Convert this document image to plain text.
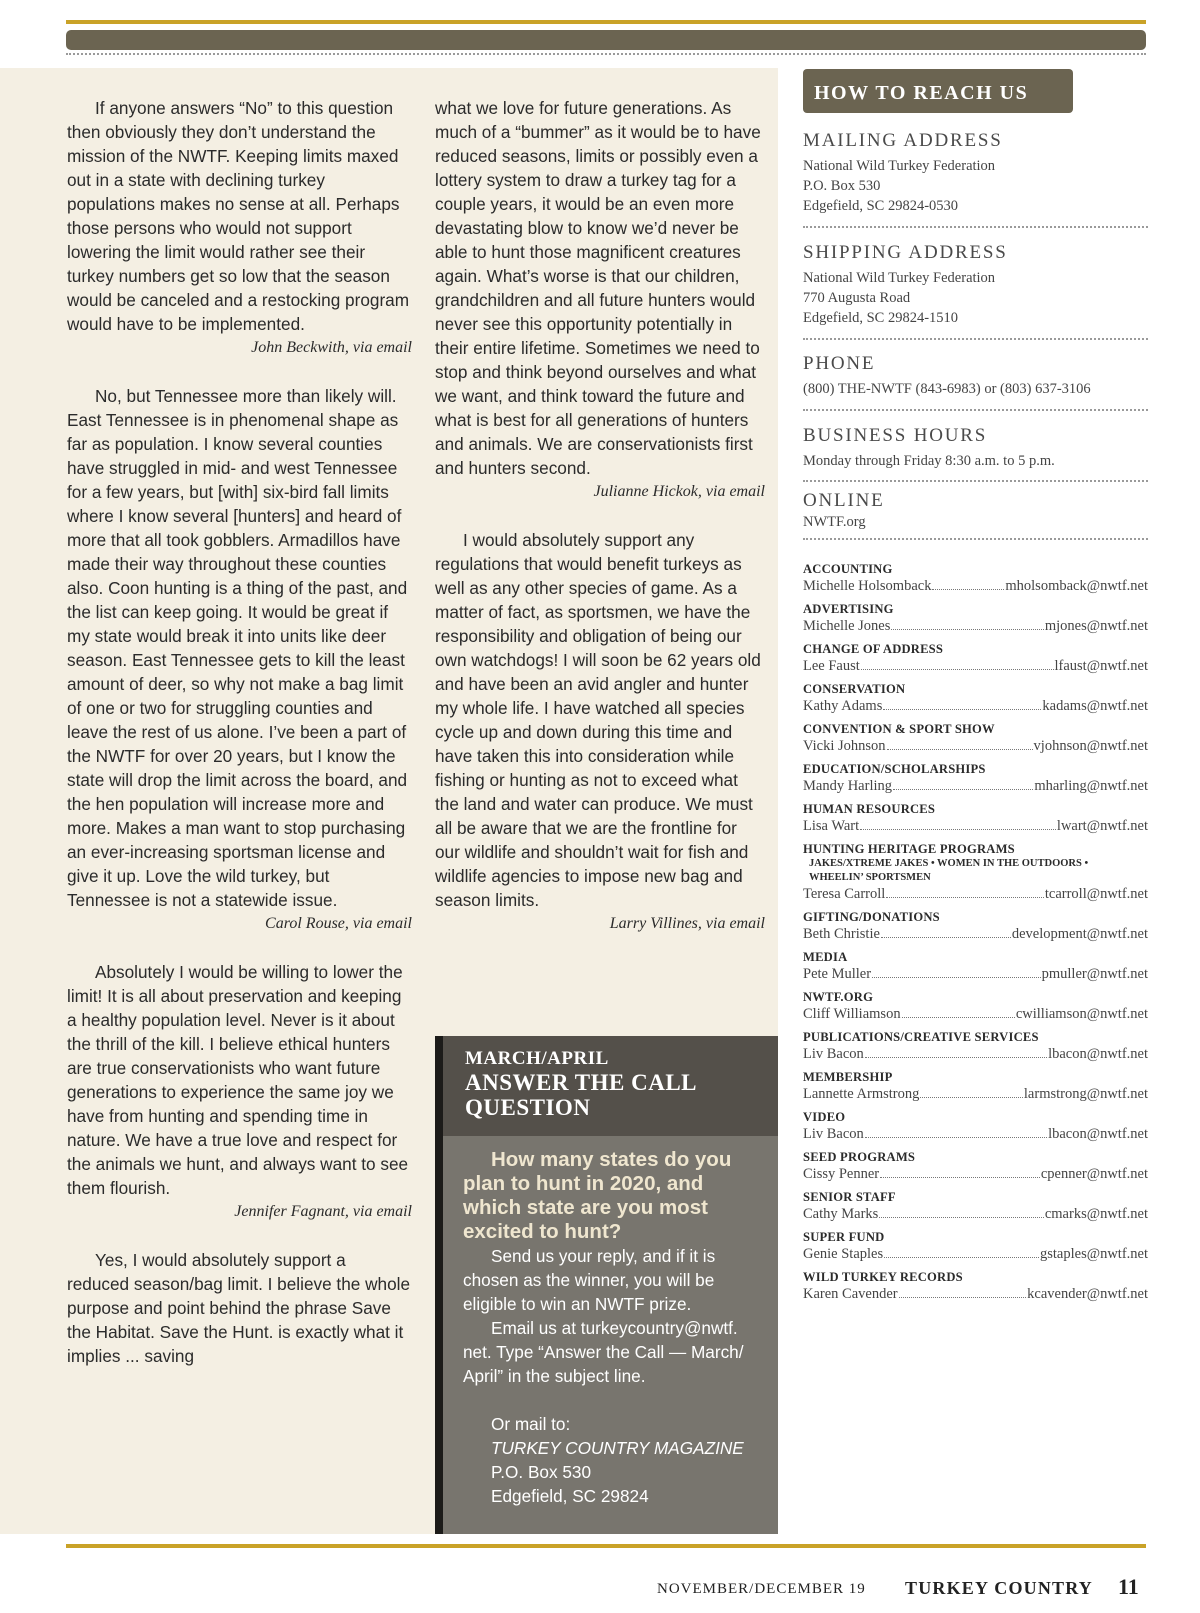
If anyone answers “No” to this question then obviously they don’t understand the mission of the NWTF. Keeping limits maxed out in a state with declining turkey populations makes no sense at all. Perhaps those persons who would not support lowering the limit would rather see their turkey numbers get so low that the season would be canceled and a restocking program would have to be implemented.

John Beckwith, via email

No, but Tennessee more than likely will. East Tennessee is in phenomenal shape as far as population. I know several counties have struggled in mid- and west Tennessee for a few years, but [with] six-bird fall limits where I know several [hunters] and heard of more that all took gobblers. Armadillos have made their way throughout these counties also. Coon hunting is a thing of the past, and the list can keep going. It would be great if my state would break it into units like deer season. East Tennessee gets to kill the least amount of deer, so why not make a bag limit of one or two for struggling counties and leave the rest of us alone. I’ve been a part of the NWTF for over 20 years, but I know the state will drop the limit across the board, and the hen population will increase more and more. Makes a man want to stop purchasing an ever-increasing sportsman license and give it up. Love the wild turkey, but Tennessee is not a statewide issue.

Carol Rouse, via email

Absolutely I would be willing to lower the limit! It is all about preservation and keeping a healthy population level. Never is it about the thrill of the kill. I believe ethical hunters are true conservationists who want future generations to experience the same joy we have from hunting and spending time in nature. We have a true love and respect for the animals we hunt, and always want to see them flourish.

Jennifer Fagnant, via email

Yes, I would absolutely support a reduced season/bag limit. I believe the whole purpose and point behind the phrase Save the Habitat. Save the Hunt. is exactly what it implies ... saving

what we love for future generations. As much of a “bummer” as it would be to have reduced seasons, limits or possibly even a lottery system to draw a turkey tag for a couple years, it would be an even more devastating blow to know we’d never be able to hunt those magnificent creatures again. What’s worse is that our children, grandchildren and all future hunters would never see this opportunity potentially in their entire lifetime. Sometimes we need to stop and think beyond ourselves and what we want, and think toward the future and what is best for all generations of hunters and animals. We are conservationists first and hunters second.

Julianne Hickok, via email

I would absolutely support any regulations that would benefit turkeys as well as any other species of game. As a matter of fact, as sportsmen, we have the responsibility and obligation of being our own watchdogs! I will soon be 62 years old and have been an avid angler and hunter my whole life. I have watched all species cycle up and down during this time and have taken this into consideration while fishing or hunting as not to exceed what the land and water can produce. We must all be aware that we are the frontline for our wildlife and shouldn’t wait for fish and wildlife agencies to impose new bag and season limits.

Larry Villines, via email
MARCH/APRIL
ANSWER THE CALL
QUESTION

How many states do you plan to hunt in 2020, and which state are you most excited to hunt?

Send us your reply, and if it is chosen as the winner, you will be eligible to win an NWTF prize.

Email us at turkeycountry@nwtf. net. Type “Answer the Call — March/ April” in the subject line.

Or mail to:
TURKEY COUNTRY MAGAZINE
P.O. Box 530
Edgefield, SC 29824
HOW TO REACH US
MAILING ADDRESS
National Wild Turkey Federation
P.O. Box 530
Edgefield, SC 29824-0530
SHIPPING ADDRESS
National Wild Turkey Federation
770 Augusta Road
Edgefield, SC 29824-1510
PHONE
(800) THE-NWTF (843-6983) or (803) 637-3106
BUSINESS HOURS
Monday through Friday 8:30 a.m. to 5 p.m.
ONLINE
NWTF.org
ACCOUNTING
Michelle Holsomback	mholsomback@nwtf.net
ADVERTISING
Michelle Jones	mjones@nwtf.net
CHANGE OF ADDRESS
Lee Faust	lfaust@nwtf.net
CONSERVATION
Kathy Adams	kadams@nwtf.net
CONVENTION & SPORT SHOW
Vicki Johnson	vjohnson@nwtf.net
EDUCATION/SCHOLARSHIPS
Mandy Harling	mharling@nwtf.net
HUMAN RESOURCES
Lisa Wart	lwart@nwtf.net
HUNTING HERITAGE PROGRAMS
JAKES/XTREME JAKES • WOMEN IN THE OUTDOORS •
WHEELIN’ SPORTSMEN
Teresa Carroll	tcarroll@nwtf.net
GIFTING/DONATIONS
Beth Christie	development@nwtf.net
MEDIA
Pete Muller	pmuller@nwtf.net
NWTF.ORG
Cliff Williamson	cwilliamson@nwtf.net
PUBLICATIONS/CREATIVE SERVICES
Liv Bacon	lbacon@nwtf.net
MEMBERSHIP
Lannette Armstrong	larmstrong@nwtf.net
VIDEO
Liv Bacon	lbacon@nwtf.net
SEED PROGRAMS
Cissy Penner	cpenner@nwtf.net
SENIOR STAFF
Cathy Marks	cmarks@nwtf.net
SUPER FUND
Genie Staples	gstaples@nwtf.net
WILD TURKEY RECORDS
Karen Cavender	kcavender@nwtf.net
NOVEMBER/DECEMBER 19 TURKEY COUNTRY 11
